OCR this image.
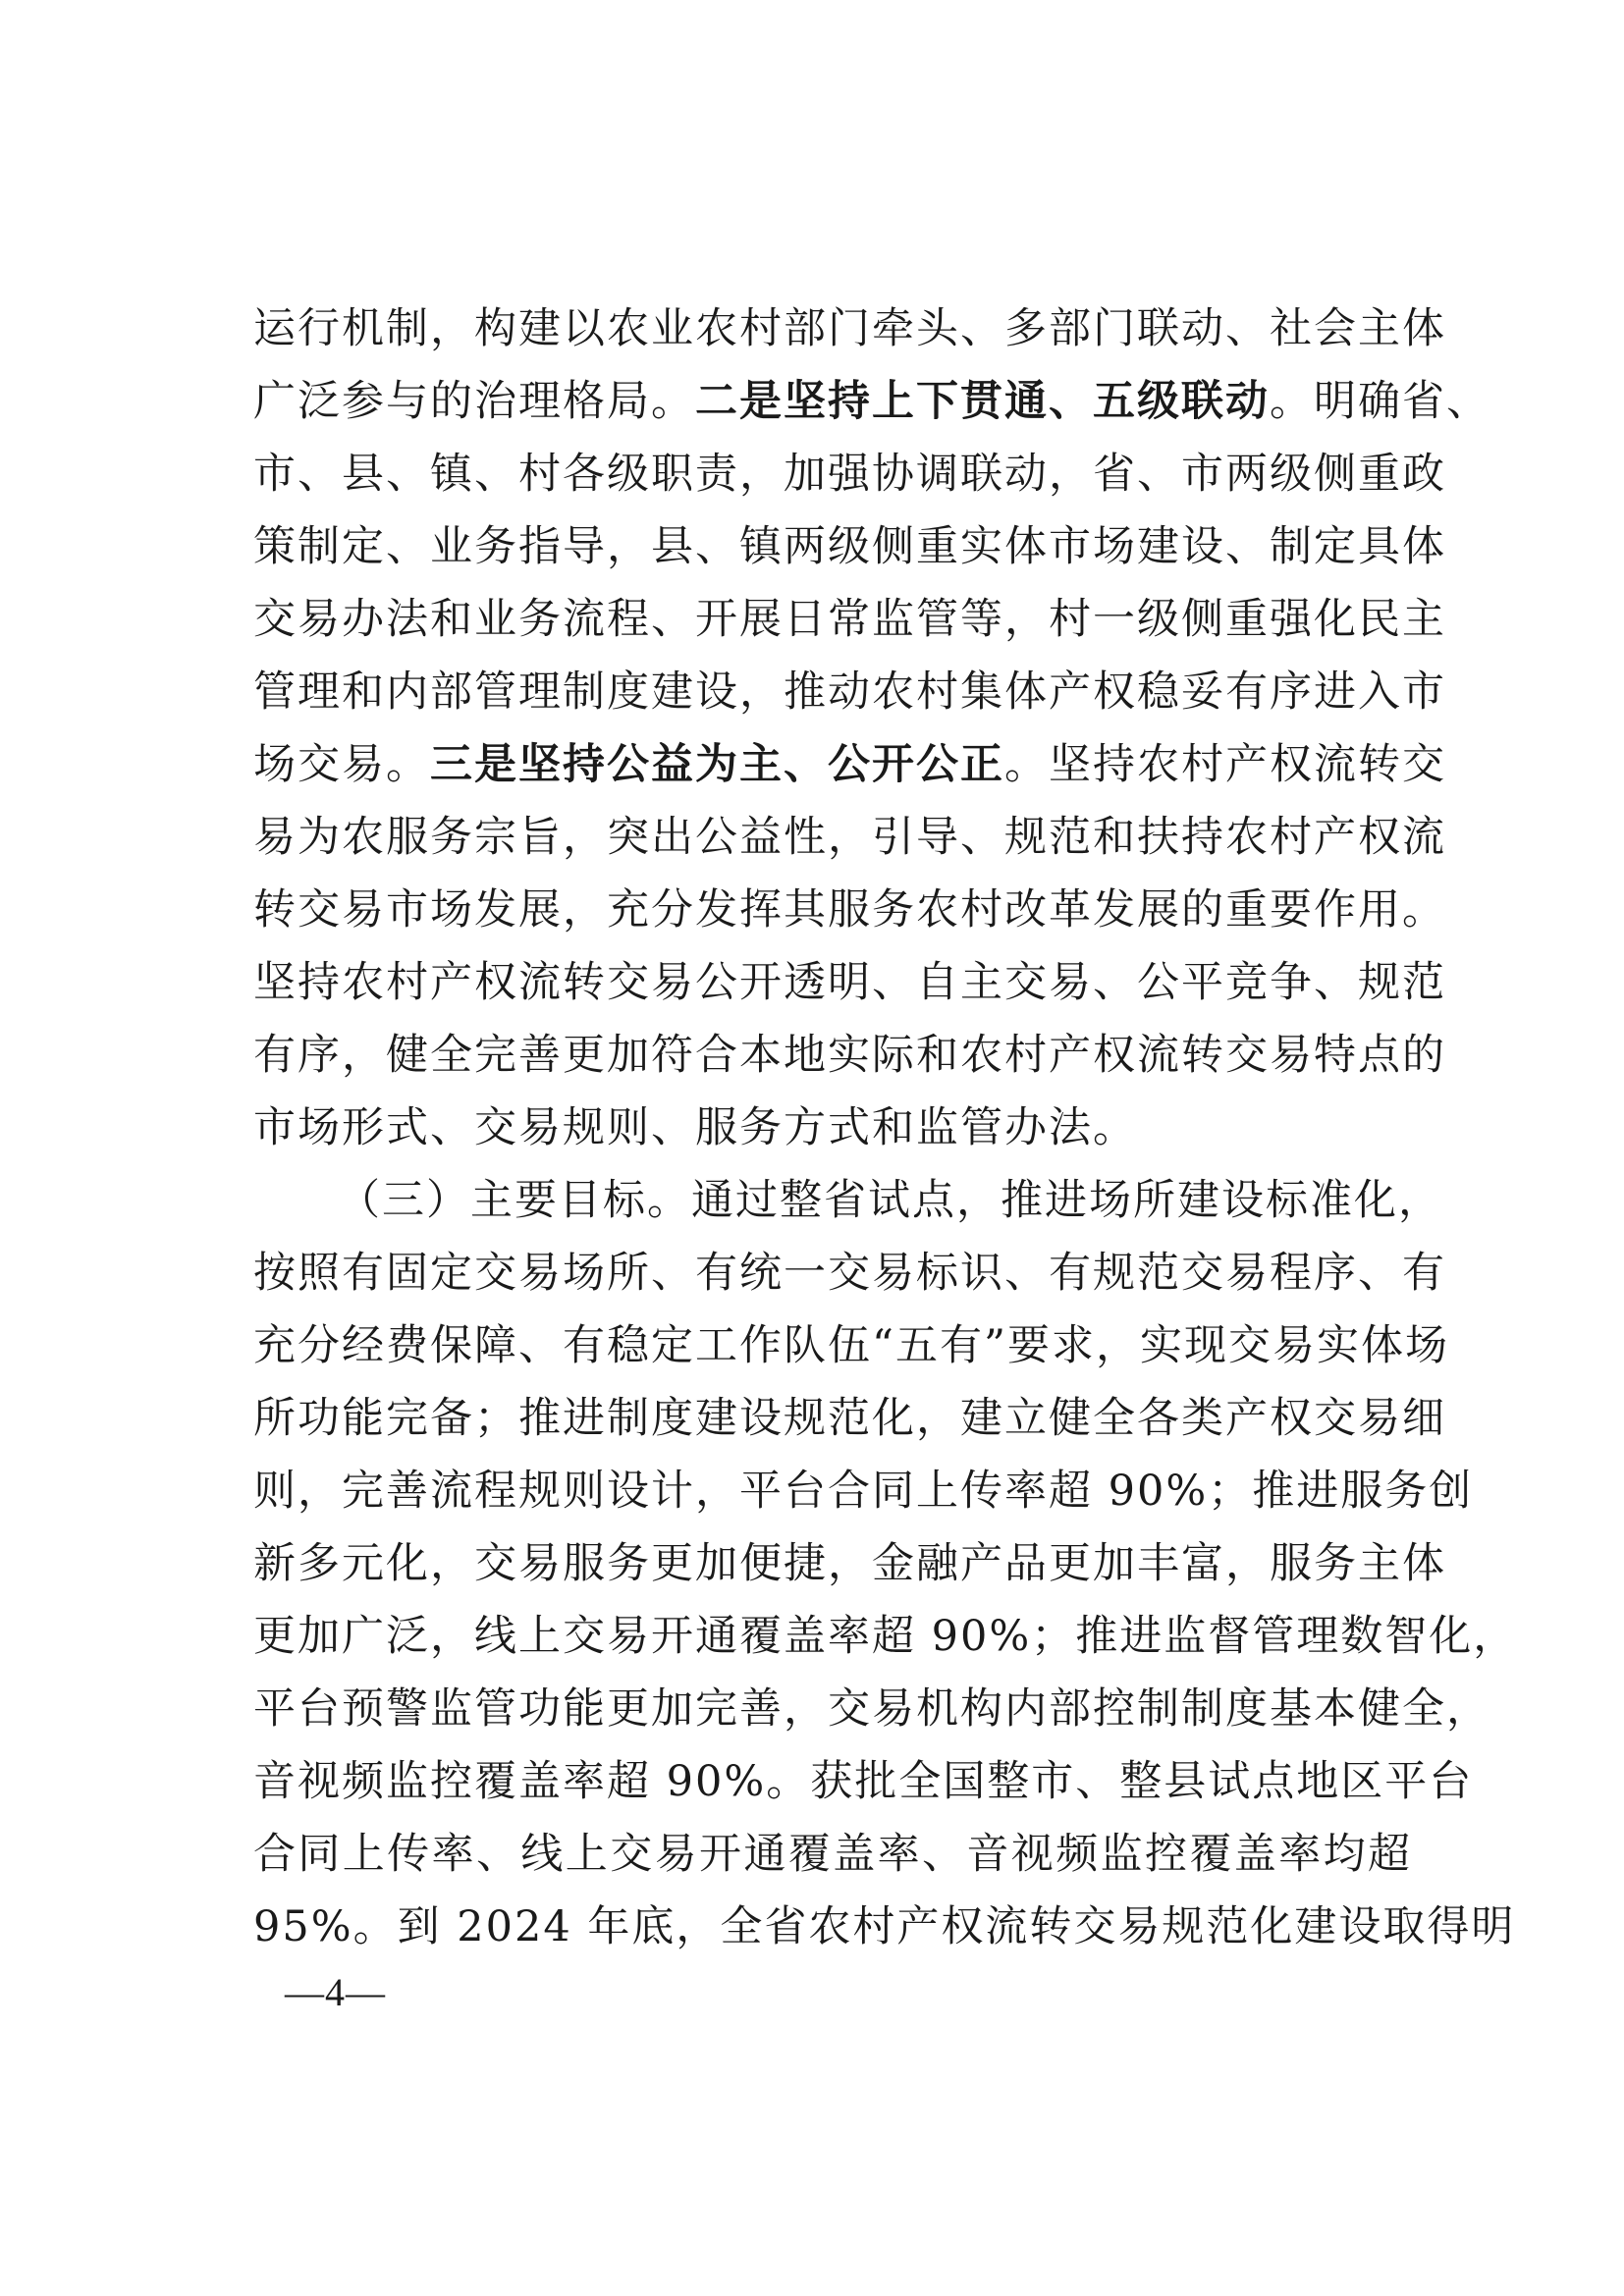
运行机制，构建以农业农村部门牵头、多部门联动、社会主体
广泛参与的治理格局。二是坚持上下贯通、五级联动。明确省、
市、县、镇、村各级职责，加强协调联动，省、市两级侧重政
策制定、业务指导，县、镇两级侧重实体市场建设、制定具体
交易办法和业务流程、开展日常监管等，村一级侧重强化民主
管理和内部管理制度建设，推动农村集体产权稳妥有序进入市
场交易。三是坚持公益为主、公开公正。坚持农村产权流转交
易为农服务宗旨，突出公益性，引导、规范和扶持农村产权流
转交易市场发展，充分发挥其服务农村改革发展的重要作用。
坚持农村产权流转交易公开透明、自主交易、公平竞争、规范
有序，健全完善更加符合本地实际和农村产权流转交易特点的
市场形式、交易规则、服务方式和监管办法。
（三）主要目标。通过整省试点，推进场所建设标准化，
按照有固定交易场所、有统一交易标识、有规范交易程序、有
充分经费保障、有稳定工作队伍“五有”要求，实现交易实体场
所功能完备；推进制度建设规范化，建立健全各类产权交易细
则，完善流程规则设计，平台合同上传率超 90%；推进服务创
新多元化，交易服务更加便捷，金融产品更加丰富，服务主体
更加广泛，线上交易开通覆盖率超 90%；推进监督管理数智化，
平台预警监管功能更加完善，交易机构内部控制制度基本健全，
音视频监控覆盖率超 90%。获批全国整市、整县试点地区平台
合同上传率、线上交易开通覆盖率、音视频监控覆盖率均超
95%。到 2024 年底，全省农村产权流转交易规范化建设取得明
—4—
